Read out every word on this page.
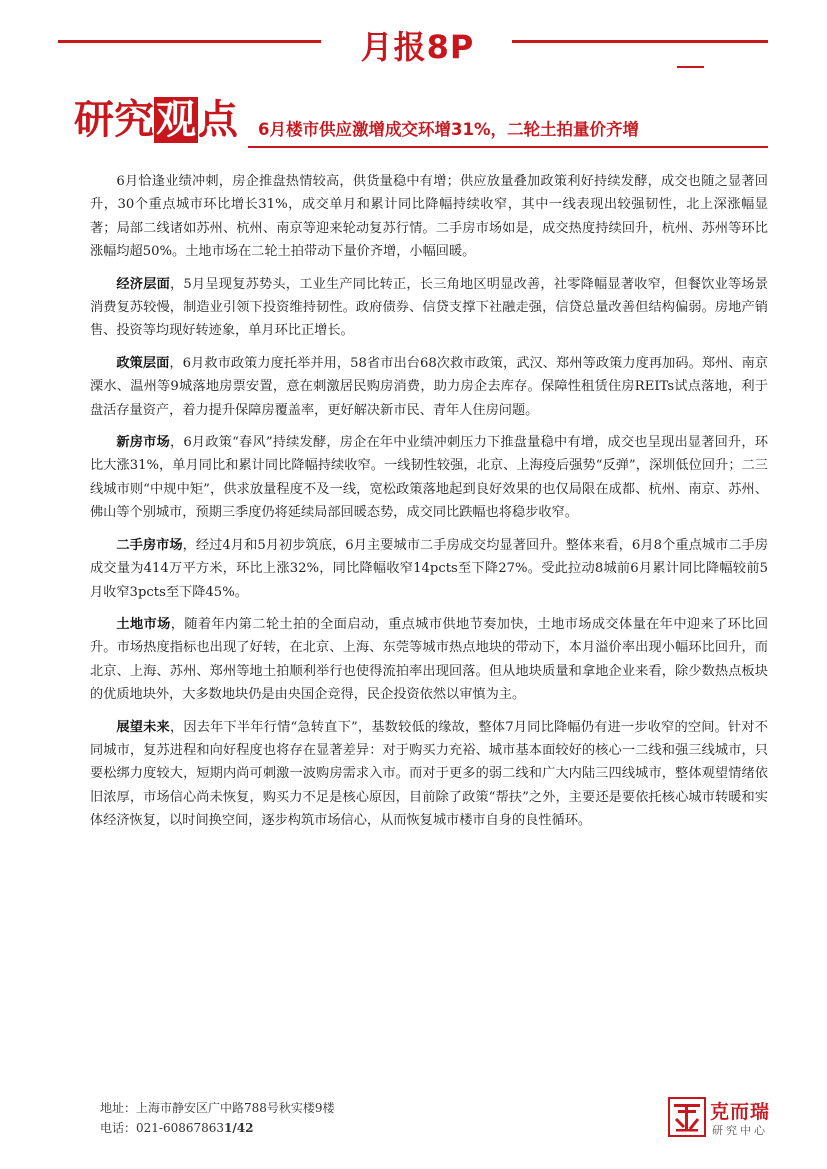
月报8P
研究观点 6月楼市供应激增成交环增31%，二轮土拍量价齐增

6月恰逢业绩冲刺，房企推盘热情较高，供货量稳中有增；供应放量叠加政策利好持续发酵，成交也随之显著回升，30个重点城市环比增长31%，成交单月和累计同比降幅持续收窄，其中一线表现出较强韧性，北上深涨幅显著；局部二线诸如苏州、杭州、南京等迎来轮动复苏行情。二手房市场如是，成交热度持续回升，杭州、苏州等环比涨幅均超50%。土地市场在二轮土拍带动下量价齐增，小幅回暖。

经济层面，5月呈现复苏势头，工业生产同比转正，长三角地区明显改善，社零降幅显著收窄，但餐饮业等场景消费复苏较慢，制造业引领下投资维持韧性。政府债券、信贷支撑下社融走强，信贷总量改善但结构偏弱。房地产销售、投资等均现好转迹象，单月环比正增长。

政策层面，6月救市政策力度托举并用，58省市出台68次救市政策，武汉、郑州等政策力度再加码。郑州、南京溧水、温州等9城落地房票安置，意在刺激居民购房消费，助力房企去库存。保障性租赁住房REITs试点落地，利于盘活存量资产，着力提升保障房覆盖率，更好解决新市民、青年人住房问题。

新房市场，6月政策“春风”持续发酵，房企在年中业绩冲刺压力下推盘量稳中有增，成交也呈现出显著回升，环比大涨31%，单月同比和累计同比降幅持续收窄。一线韧性较强，北京、上海疫后强势“反弹”，深圳低位回升；二三线城市则“中规中矩”，供求放量程度不及一线，宽松政策落地起到良好效果的也仅局限在成都、杭州、南京、苏州、佛山等个别城市，预期三季度仍将延续局部回暖态势，成交同比跌幅也将稳步收窄。

二手房市场，经过4月和5月初步筑底，6月主要城市二手房成交均显著回升。整体来看，6月8个重点城市二手房成交量为414万平方米，环比上涨32%，同比降幅收窄14pcts至下降27%。受此拉动8城前6月累计同比降幅较前5月收窄3pcts至下降45%。

土地市场，随着年内第二轮土拍的全面启动，重点城市供地节奏加快，土地市场成交体量在年中迎来了环比回升。市场热度指标也出现了好转，在北京、上海、东莞等城市热点地块的带动下，本月溢价率出现小幅环比回升，而北京、上海、苏州、郑州等地土拍顺利举行也使得流拍率出现回落。但从地块质量和拿地企业来看，除少数热点板块的优质地块外，大多数地块仍是由央国企竞得，民企投资依然以审慎为主。

展望未来，因去年下半年行情“急转直下”，基数较低的缘故，整体7月同比降幅仍有进一步收窄的空间。针对不同城市，复苏进程和向好程度也将存在显著差异：对于购买力充裕、城市基本面较好的核心一二线和强三线城市，只要松绑力度较大，短期内尚可刺激一波购房需求入市。而对于更多的弱二线和广大内陆三四线城市，整体观望情绪依旧浓厚，市场信心尚未恢复，购买力不足是核心原因，目前除了政策“帮扶”之外，主要还是要依托核心城市转暖和实体经济恢复，以时间换空间，逐步构筑市场信心，从而恢复城市楼市自身的良性循环。

地址：上海市静安区广中路788号秋实楼9楼
电话：021-608678631/42
克而瑞
研究中心
